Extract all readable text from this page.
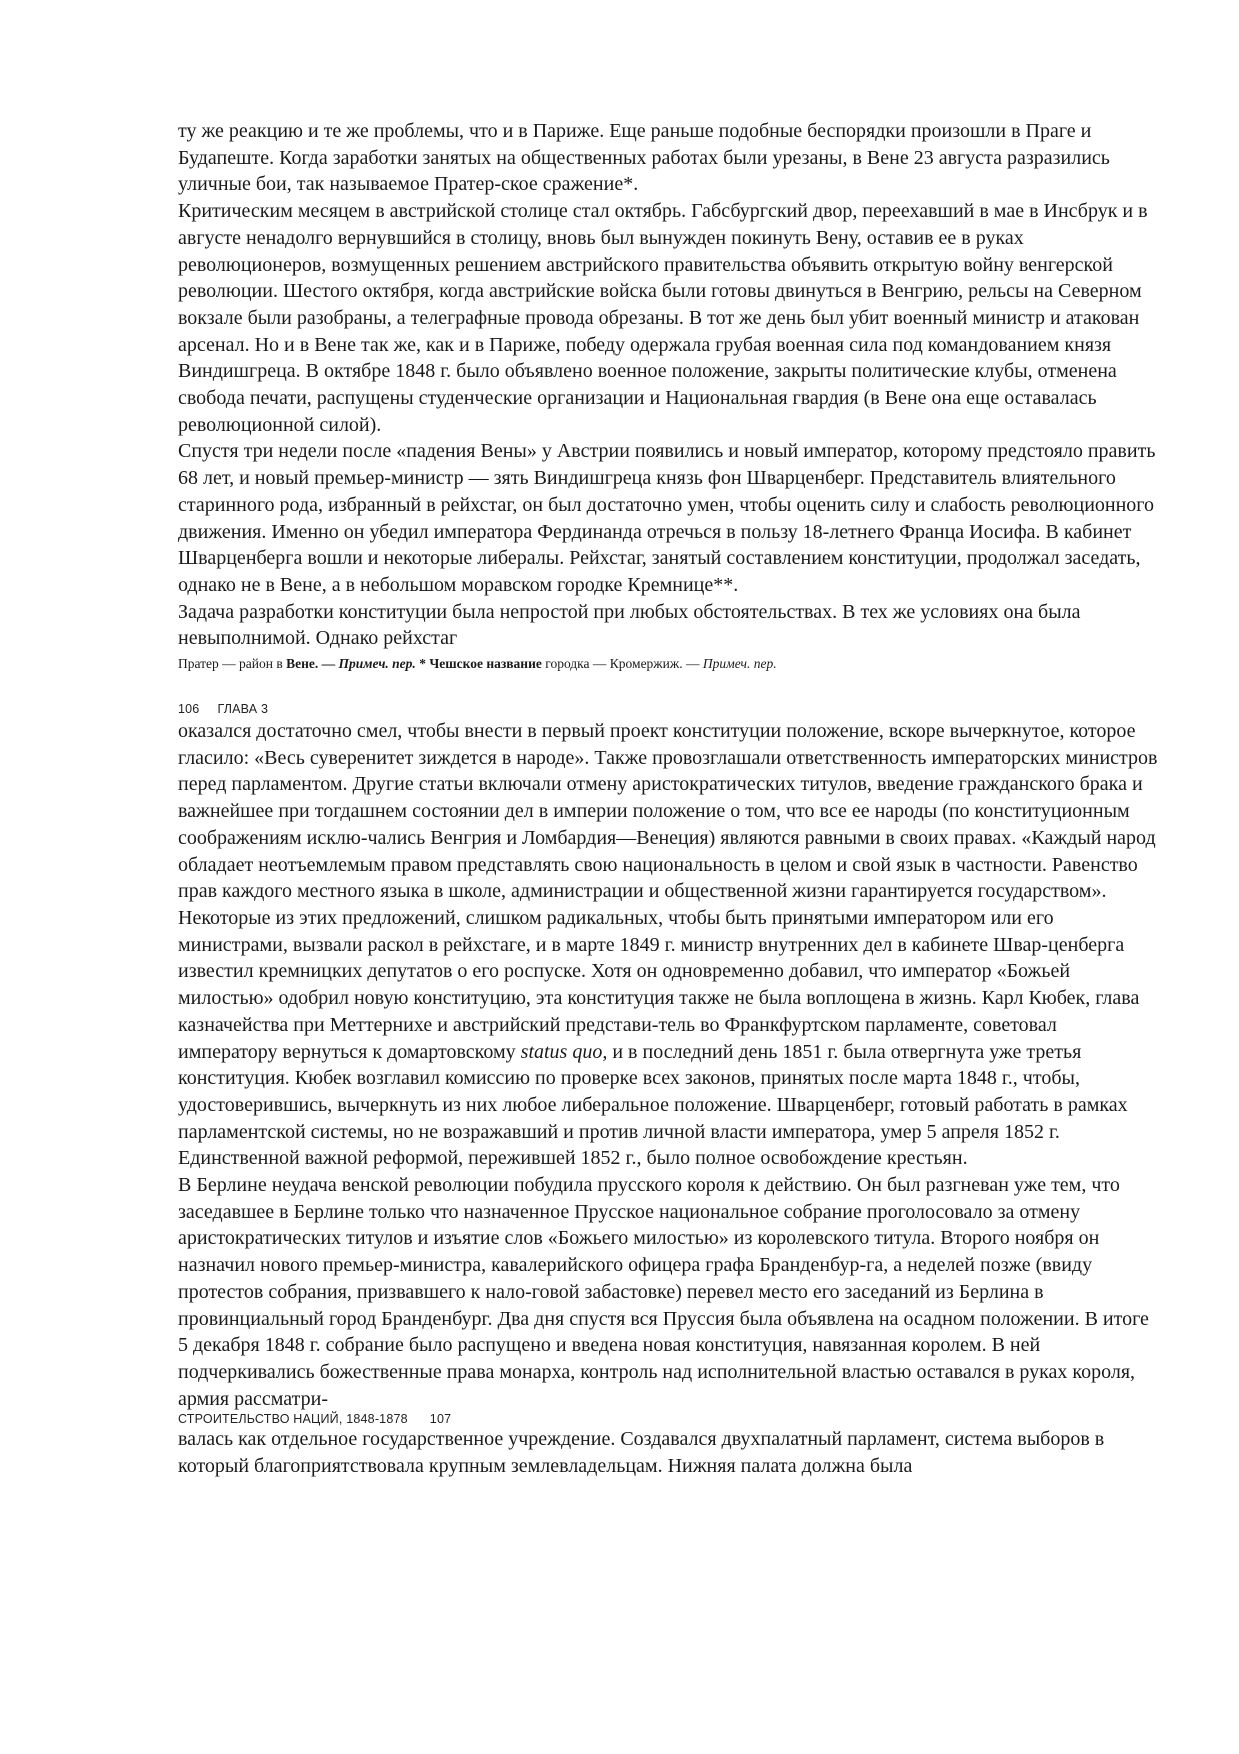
ту же реакцию и те же проблемы, что и в Париже. Еще раньше подобные беспорядки произошли в Праге и Будапеште. Когда заработки занятых на общественных работах были урезаны, в Вене 23 августа разразились уличные бои, так называемое Пратер-ское сражение*.

Критическим месяцем в австрийской столице стал октябрь. Габсбургский двор, переехавший в мае в Инсбрук и в августе ненадолго вернувшийся в столицу, вновь был вынужден покинуть Вену, оставив ее в руках революционеров, возмущенных решением австрийского правительства объявить открытую войну венгерской революции. Шестого октября, когда австрийские войска были готовы двинуться в Венгрию, рельсы на Северном вокзале были разобраны, а телеграфные провода обрезаны. В тот же день был убит военный министр и атакован арсенал. Но и в Вене так же, как и в Париже, победу одержала грубая военная сила под командованием князя Виндишгреца. В октябре 1848 г. было объявлено военное положение, закрыты политические клубы, отменена свобода печати, распущены студенческие организации и Национальная гвардия (в Вене она еще оставалась революционной силой).

Спустя три недели после «падения Вены» у Австрии появились и новый император, которому предстояло править 68 лет, и новый премьер-министр — зять Виндишгреца князь фон Шварценберг. Представитель влиятельного старинного рода, избранный в рейхстаг, он был достаточно умен, чтобы оценить силу и слабость революционного движения. Именно он убедил императора Фердинанда отречься в пользу 18-летнего Франца Иосифа. В кабинет Шварценберга вошли и некоторые либералы. Рейхстаг, занятый составлением конституции, продолжал заседать, однако не в Вене, а в небольшом моравском городке Кремнице**.

Задача разработки конституции была непростой при любых обстоятельствах. В тех же условиях она была невыполнимой. Однако рейхстаг

Пратер — район в Вене. — Примеч. пер. * Чешское название городка — Кромержиж. — Примеч. пер.

106 ГЛАВА 3

оказался достаточно смел, чтобы внести в первый проект конституции положение, вскоре вычеркнутое, которое гласило: «Весь суверенитет зиждется в народе». Также провозглашали ответственность императорских министров перед парламентом. Другие статьи включали отмену аристократических титулов, введение гражданского брака и важнейшее при тогдашнем состоянии дел в империи положение о том, что все ее народы (по конституционным соображениям исклю-чались Венгрия и Ломбардия—Венеция) являются равными в своих правах. «Каждый народ обладает неотъемлемым правом представлять свою национальность в целом и свой язык в частности. Равенство прав каждого местного языка в школе, администрации и общественной жизни гарантируется государством».

Некоторые из этих предложений, слишком радикальных, чтобы быть принятыми императором или его министрами, вызвали раскол в рейхстаге, и в марте 1849 г. министр внутренних дел в кабинете Швар-ценберга известил кремницких депутатов о его роспуске. Хотя он одновременно добавил, что император «Божьей милостью» одобрил новую конституцию, эта конституция также не была воплощена в жизнь. Карл Кюбек, глава казначейства при Меттернихе и австрийский представи-тель во Франкфуртском парламенте, советовал императору вернуться к домартовскому status quo, и в последний день 1851 г. была отвергнута уже третья конституция. Кюбек возглавил комиссию по проверке всех законов, принятых после марта 1848 г., чтобы, удостоверившись, вычеркнуть из них любое либеральное положение. Шварценберг, готовый работать в рамках парламентской системы, но не возражавший и против личной власти императора, умер 5 апреля 1852 г. Единственной важной реформой, пережившей 1852 г., было полное освобождение крестьян.

В Берлине неудача венской революции побудила прусского короля к действию. Он был разгневан уже тем, что заседавшее в Берлине только что назначенное Прусское национальное собрание проголосовало за отмену аристократических титулов и изъятие слов «Божьего милостью» из королевского титула. Второго ноября он назначил нового премьер-министра, кавалерийского офицера графа Бранденбур-га, а неделей позже (ввиду протестов собрания, призвавшего к нало-говой забастовке) перевел место его заседаний из Берлина в провинциальный город Бранденбург. Два дня спустя вся Пруссия была объявлена на осадном положении. В итоге 5 декабря 1848 г. собрание было распущено и введена новая конституция, навязанная королем. В ней подчеркивались божественные права монарха, контроль над исполнительной властью оставался в руках короля, армия рассматри-

СТРОИТЕЛЬСТВО НАЦИЙ, 1848-1878 107

валась как отдельное государственное учреждение. Создавался двухпалатный парламент, система выборов в который благоприятствовала крупным землевладельцам. Нижняя палата должна была
